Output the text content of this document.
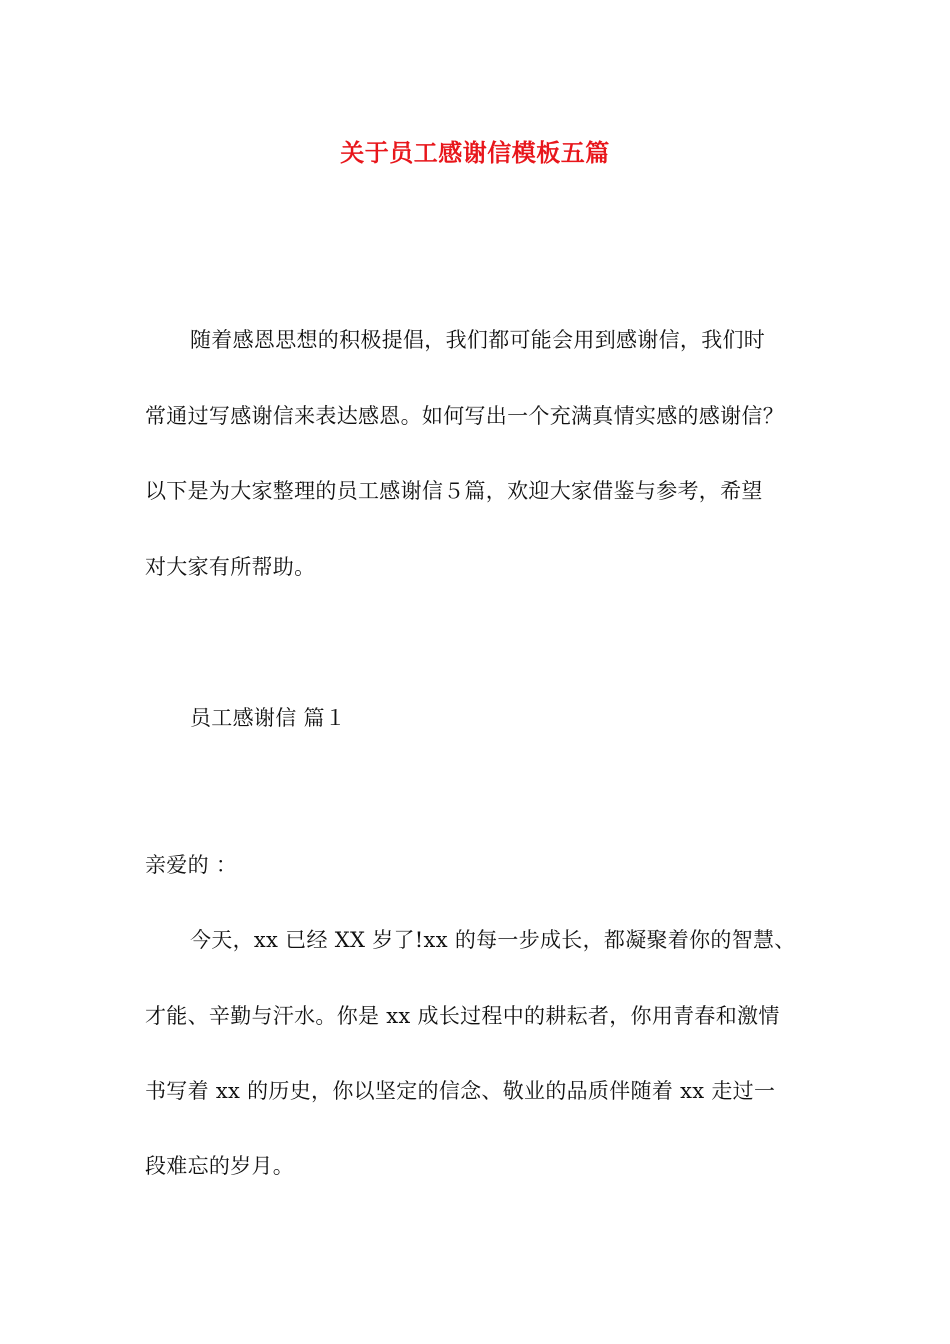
关于员工感谢信模板五篇
随着感恩思想的积极提倡，我们都可能会用到感谢信，我们时
常通过写感谢信来表达感恩。如何写出一个充满真情实感的感谢信？
以下是为大家整理的员工感谢信５篇，欢迎大家借鉴与参考，希望
对大家有所帮助。
员工感谢信 篇１
亲爱的 ：
今天，xx 已经 XX 岁了!xx 的每一步成长，都凝聚着你的智慧、
才能、辛勤与汗水。你是 xx 成长过程中的耕耘者，你用青春和激情
书写着 xx 的历史，你以坚定的信念、敬业的品质伴随着 xx 走过一
段难忘的岁月。
